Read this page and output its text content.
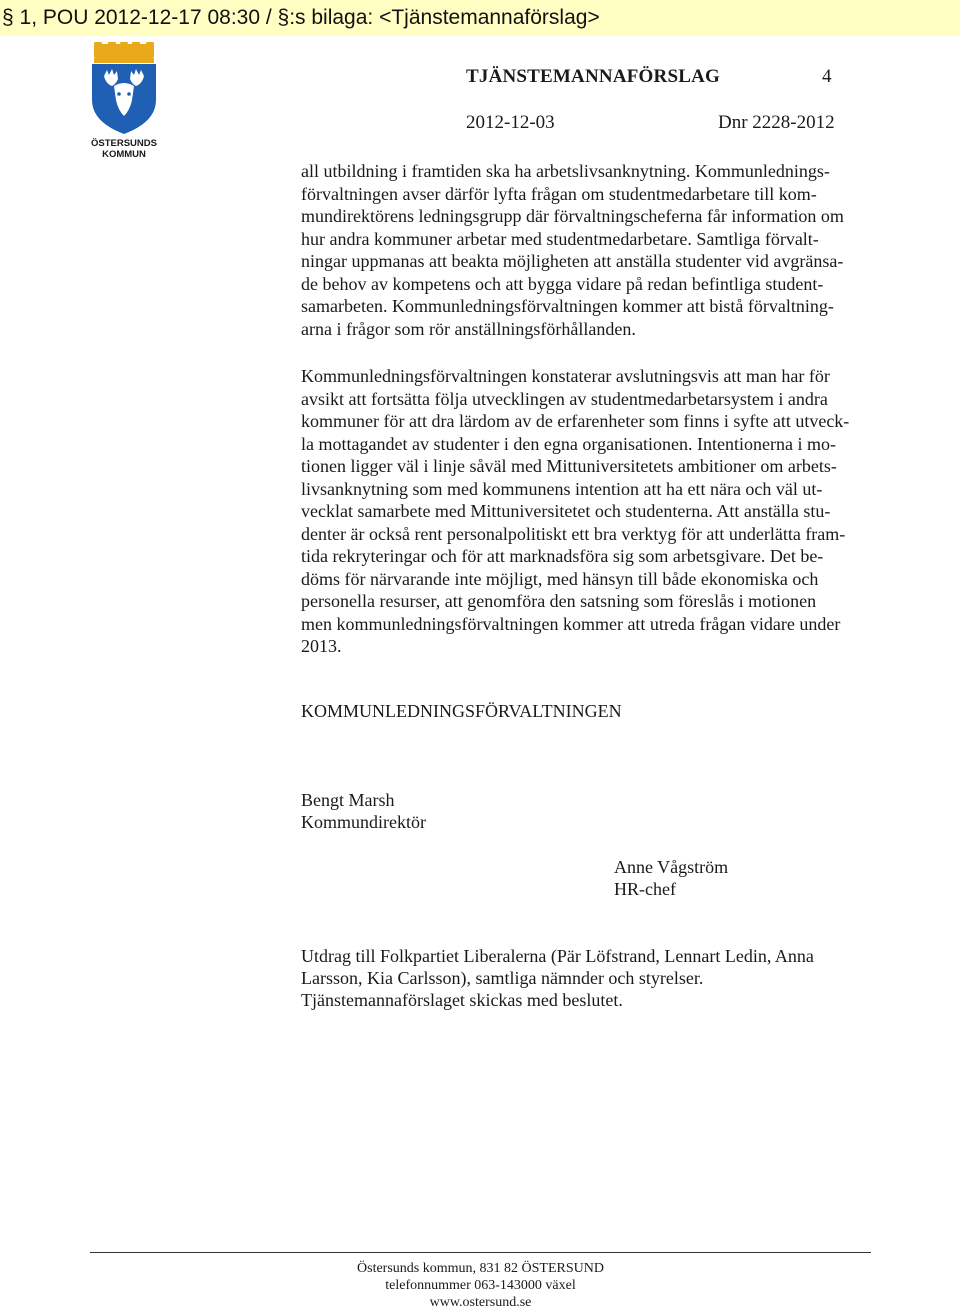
§ 1, POU 2012-12-17 08:30 / §:s bilaga: <Tjänstemannaförslag>
ÖSTERSUNDS
KOMMUN
TJÄNSTEMANNAFÖRSLAG	4
2012-12-03	Dnr 2228-2012
all utbildning i framtiden ska ha arbetslivsanknytning. Kommunlednings-
förvaltningen avser därför lyfta frågan om studentmedarbetare till kom-
mundirektörens ledningsgrupp där förvaltningscheferna får information om
hur andra kommuner arbetar med studentmedarbetare. Samtliga förvalt-
ningar uppmanas att beakta möjligheten att anställa studenter vid avgränsa-
de behov av kompetens och att bygga vidare på redan befintliga student-
samarbeten. Kommunledningsförvaltningen kommer att bistå förvaltning-
arna i frågor som rör anställningsförhållanden.
Kommunledningsförvaltningen konstaterar avslutningsvis att man har för
avsikt att fortsätta följa utvecklingen av studentmedarbetarsystem i andra
kommuner för att dra lärdom av de erfarenheter som finns i syfte att utveck-
la mottagandet av studenter i den egna organisationen. Intentionerna i mo-
tionen ligger väl i linje såväl med Mittuniversitetets ambitioner om arbets-
livsanknytning som med kommunens intention att ha ett nära och väl ut-
vecklat samarbete med Mittuniversitetet och studenterna. Att anställa stu-
denter är också rent personalpolitiskt ett bra verktyg för att underlätta fram-
tida rekryteringar och för att marknadsföra sig som arbetsgivare. Det be-
döms för närvarande inte möjligt, med hänsyn till både ekonomiska och
personella resurser, att genomföra den satsning som föreslås i motionen
men kommunledningsförvaltningen kommer att utreda frågan vidare under
2013.
KOMMUNLEDNINGSFÖRVALTNINGEN
Bengt Marsh
Kommundirektör
Anne Vågström
HR-chef
Utdrag till Folkpartiet Liberalerna (Pär Löfstrand, Lennart Ledin, Anna
Larsson, Kia Carlsson), samtliga nämnder och styrelser.
Tjänstemannaförslaget skickas med beslutet.
Östersunds kommun, 831 82 ÖSTERSUND
telefonnummer 063-143000 växel
www.ostersund.se
